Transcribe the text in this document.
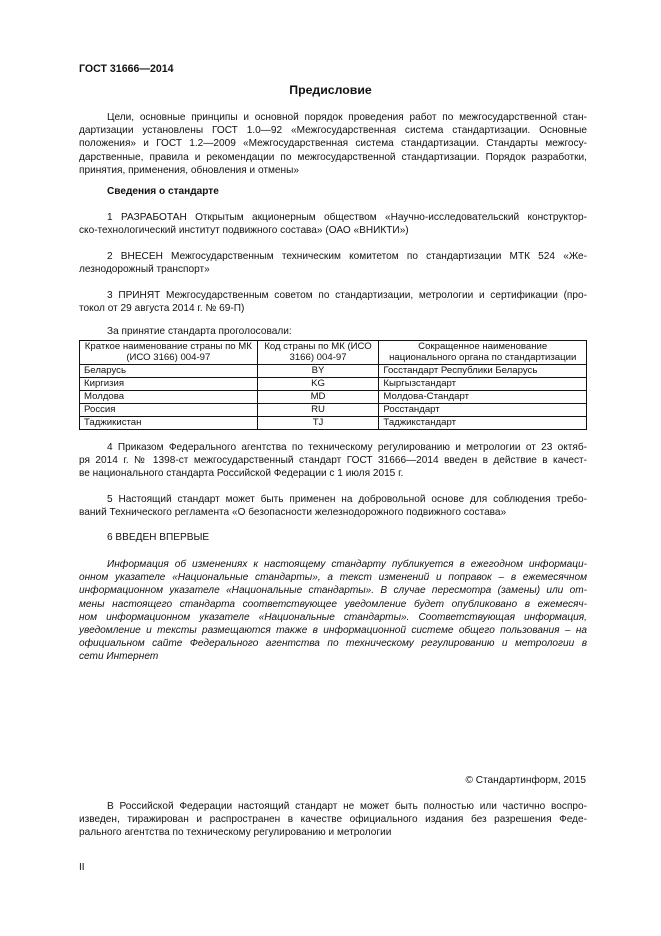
ГОСТ 31666—2014
Предисловие
Цели, основные принципы и основной порядок проведения работ по межгосударственной стан-
дартизации установлены ГОСТ 1.0—92 «Межгосударственная система стандартизации. Основные
положения» и ГОСТ 1.2—2009 «Межгосударственная система стандартизации. Стандарты межгосу-
дарственные, правила и рекомендации по межгосударственной стандартизации. Порядок разработки,
принятия, применения, обновления и отмены»
Сведения о стандарте
1 РАЗРАБОТАН Открытым акционерным обществом «Научно-исследовательский конструктор-
ско-технологический институт подвижного состава» (ОАО «ВНИКТИ»)
2 ВНЕСЕН Межгосударственным техническим комитетом по стандартизации МТК 524 «Же-
лезнодорожный транспорт»
3 ПРИНЯТ Межгосударственным советом по стандартизации, метрологии и сертификации (про-
токол от 29 августа 2014 г. № 69-П)
За принятие стандарта проголосовали:
Краткое наименование страны по МК (ИСО 3166) 004-97	Код страны по МК (ИСО 3166) 004-97	Сокращенное наименование национального органа по стандартизации
Беларусь	BY	Госстандарт Республики Беларусь
Киргизия	KG	Кыргызстандарт
Молдова	MD	Молдова-Стандарт
Россия	RU	Росстандарт
Таджикистан	TJ	Таджикстандарт
4 Приказом Федерального агентства по техническому регулированию и метрологии от 23 октяб-
ря 2014 г. № 1398-ст межгосударственный стандарт ГОСТ 31666—2014 введен в действие в качест-
ве национального стандарта Российской Федерации с 1 июля 2015 г.
5 Настоящий стандарт может быть применен на добровольной основе для соблюдения требо-
ваний Технического регламента «О безопасности железнодорожного подвижного состава»
6 ВВЕДЕН ВПЕРВЫЕ
Информация об изменениях к настоящему стандарту публикуется в ежегодном информаци-
онном указателе «Национальные стандарты», а текст изменений и поправок – в ежемесячном
информационном указателе «Национальные стандарты». В случае пересмотра (замены) или от-
мены настоящего стандарта соответствующее уведомление будет опубликовано в ежемесяч-
ном информационном указателе «Национальные стандарты». Соответствующая информация,
уведомление и тексты размещаются также в информационной системе общего пользования – на
официальном сайте Федерального агентства по техническому регулированию и метрологии в
сети Интернет
© Стандартинформ, 2015
В Российской Федерации настоящий стандарт не может быть полностью или частично воспро-
изведен, тиражирован и распространен в качестве официального издания без разрешения Феде-
рального агентства по техническому регулированию и метрологии
II
